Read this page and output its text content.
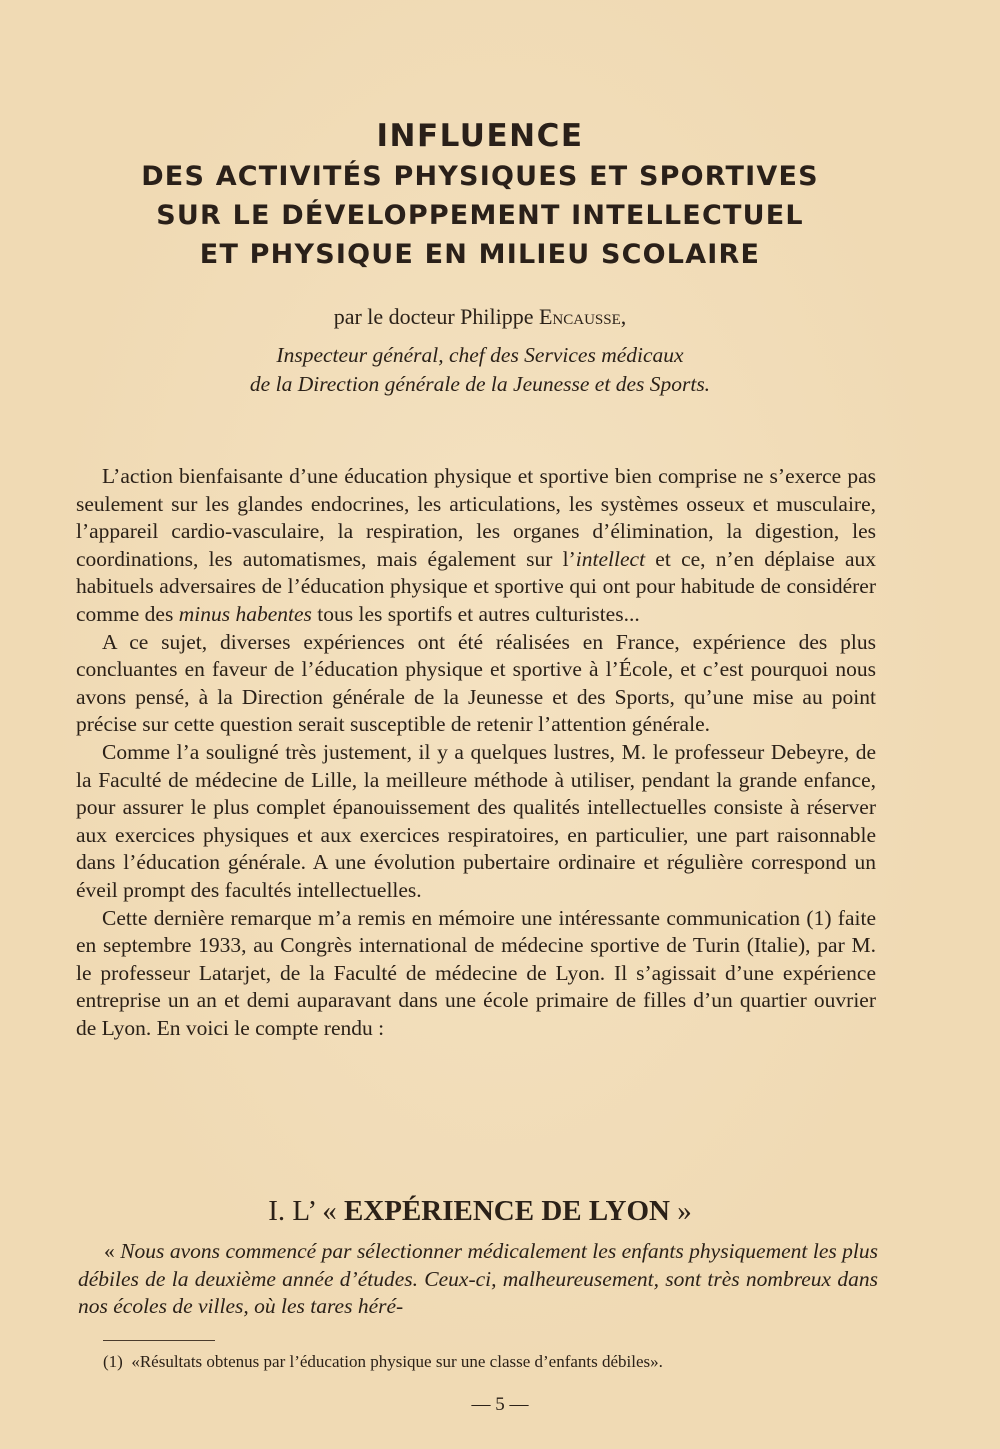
INFLUENCE
DES ACTIVITÉS PHYSIQUES ET SPORTIVES
SUR LE DÉVELOPPEMENT INTELLECTUEL
ET PHYSIQUE EN MILIEU SCOLAIRE
par le docteur Philippe Encausse,
Inspecteur général, chef des Services médicaux
de la Direction générale de la Jeunesse et des Sports.

L’action bienfaisante d’une éducation physique et sportive bien comprise ne s’exerce pas seulement sur les glandes endocrines, les articulations, les systèmes osseux et musculaire, l’appareil cardio-vasculaire, la respiration, les organes d’élimination, la digestion, les coordinations, les automatismes, mais également sur l’intellect et ce, n’en déplaise aux habituels adversaires de l’éducation physique et sportive qui ont pour habitude de considérer comme des minus habentes tous les sportifs et autres culturistes...

A ce sujet, diverses expériences ont été réalisées en France, expérience des plus concluantes en faveur de l’éducation physique et sportive à l’École, et c’est pourquoi nous avons pensé, à la Direction générale de la Jeunesse et des Sports, qu’une mise au point précise sur cette question serait susceptible de retenir l’attention générale.

Comme l’a souligné très justement, il y a quelques lustres, M. le professeur Debeyre, de la Faculté de médecine de Lille, la meilleure méthode à utiliser, pendant la grande enfance, pour assurer le plus complet épanouissement des qualités intellectuelles consiste à réserver aux exercices physiques et aux exercices respiratoires, en particulier, une part raisonnable dans l’éducation générale. A une évolution pubertaire ordinaire et régulière correspond un éveil prompt des facultés intellectuelles.

Cette dernière remarque m’a remis en mémoire une intéressante communication (1) faite en septembre 1933, au Congrès international de médecine sportive de Turin (Italie), par M. le professeur Latarjet, de la Faculté de médecine de Lyon. Il s’agissait d’une expérience entreprise un an et demi auparavant dans une école primaire de filles d’un quartier ouvrier de Lyon. En voici le compte rendu :

I. L’ « EXPÉRIENCE DE LYON »

« Nous avons commencé par sélectionner médicalement les enfants physiquement les plus débiles de la deuxième année d’études. Ceux-ci, malheureusement, sont très nombreux dans nos écoles de villes, où les tares héré-

(1) «Résultats obtenus par l’éducation physique sur une classe d’enfants débiles».
— 5 —
